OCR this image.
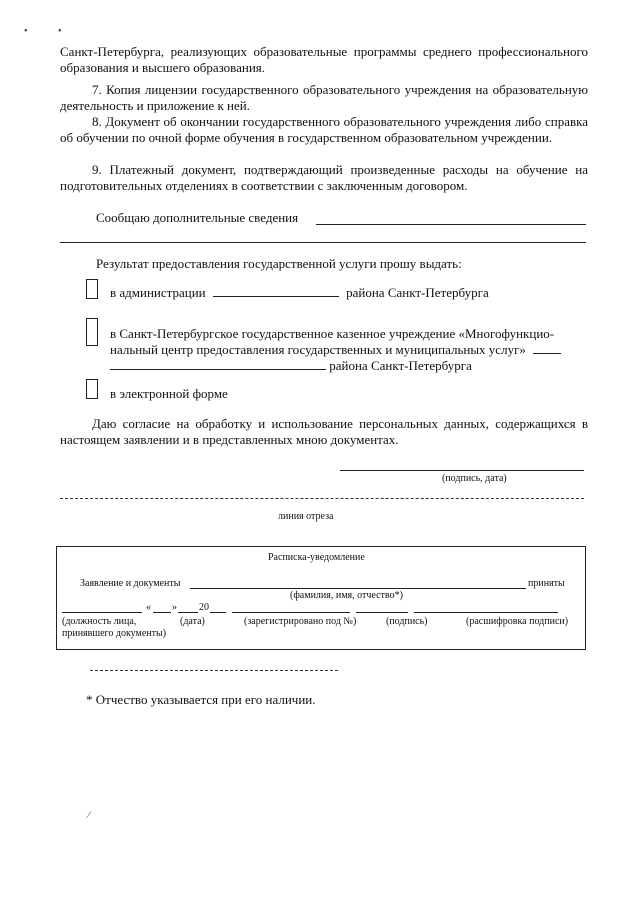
•	•

Санкт-Петербурга, реализующих образовательные программы среднего профессионального образования и высшего образования.

7. Копия лицензии государственного образовательного учреждения на образовательную деятельность и приложение к ней.

8. Документ об окончании государственного образовательного учреждения либо справка об обучении по очной форме обучения в государственном образовательном учреждении.

9. Платежный документ, подтверждающий произведенные расходы на обучение на подготовительных отделениях в соответствии с заключенным договором.

Сообщаю дополнительные сведения
Результат предоставления государственной услуги прошу выдать:
в администрации	района Санкт-Петербурга
в Санкт-Петербургское государственное казенное учреждение «Многофункцио-
нальный центр предоставления государственных и муниципальных услуг»
района Санкт-Петербурга
в электронной форме

Даю согласие на обработку и использование персональных данных, содержащихся в настоящем заявлении и в представленных мною документах.

(подпись, дата)
линия отреза
Расписка-уведомление
Заявление и документы	приняты
(фамилия, имя, отчество*)
« » 20
(должность лица, принявшего документы)
(дата)	(зарегистрировано под №)	(подпись)	(расшифровка подписи)
* Отчество указывается при его наличии.
⁄
